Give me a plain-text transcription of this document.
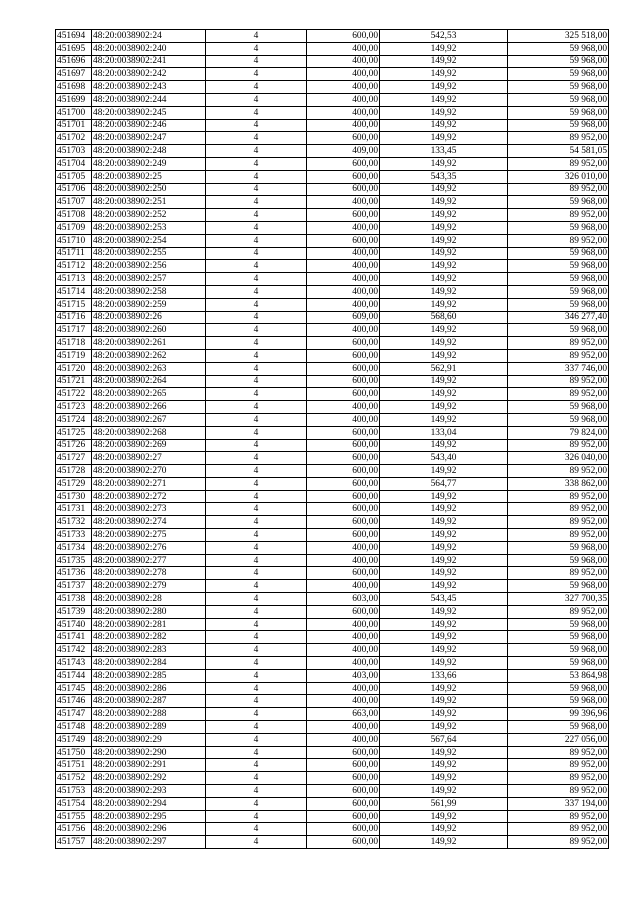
451694	48:20:0038902:24	4	600,00	542,53	325 518,00
451695	48:20:0038902:240	4	400,00	149,92	59 968,00
451696	48:20:0038902:241	4	400,00	149,92	59 968,00
451697	48:20:0038902:242	4	400,00	149,92	59 968,00
451698	48:20:0038902:243	4	400,00	149,92	59 968,00
451699	48:20:0038902:244	4	400,00	149,92	59 968,00
451700	48:20:0038902:245	4	400,00	149,92	59 968,00
451701	48:20:0038902:246	4	400,00	149,92	59 968,00
451702	48:20:0038902:247	4	600,00	149,92	89 952,00
451703	48:20:0038902:248	4	409,00	133,45	54 581,05
451704	48:20:0038902:249	4	600,00	149,92	89 952,00
451705	48:20:0038902:25	4	600,00	543,35	326 010,00
451706	48:20:0038902:250	4	600,00	149,92	89 952,00
451707	48:20:0038902:251	4	400,00	149,92	59 968,00
451708	48:20:0038902:252	4	600,00	149,92	89 952,00
451709	48:20:0038902:253	4	400,00	149,92	59 968,00
451710	48:20:0038902:254	4	600,00	149,92	89 952,00
451711	48:20:0038902:255	4	400,00	149,92	59 968,00
451712	48:20:0038902:256	4	400,00	149,92	59 968,00
451713	48:20:0038902:257	4	400,00	149,92	59 968,00
451714	48:20:0038902:258	4	400,00	149,92	59 968,00
451715	48:20:0038902:259	4	400,00	149,92	59 968,00
451716	48:20:0038902:26	4	609,00	568,60	346 277,40
451717	48:20:0038902:260	4	400,00	149,92	59 968,00
451718	48:20:0038902:261	4	600,00	149,92	89 952,00
451719	48:20:0038902:262	4	600,00	149,92	89 952,00
451720	48:20:0038902:263	4	600,00	562,91	337 746,00
451721	48:20:0038902:264	4	600,00	149,92	89 952,00
451722	48:20:0038902:265	4	600,00	149,92	89 952,00
451723	48:20:0038902:266	4	400,00	149,92	59 968,00
451724	48:20:0038902:267	4	400,00	149,92	59 968,00
451725	48:20:0038902:268	4	600,00	133,04	79 824,00
451726	48:20:0038902:269	4	600,00	149,92	89 952,00
451727	48:20:0038902:27	4	600,00	543,40	326 040,00
451728	48:20:0038902:270	4	600,00	149,92	89 952,00
451729	48:20:0038902:271	4	600,00	564,77	338 862,00
451730	48:20:0038902:272	4	600,00	149,92	89 952,00
451731	48:20:0038902:273	4	600,00	149,92	89 952,00
451732	48:20:0038902:274	4	600,00	149,92	89 952,00
451733	48:20:0038902:275	4	600,00	149,92	89 952,00
451734	48:20:0038902:276	4	400,00	149,92	59 968,00
451735	48:20:0038902:277	4	400,00	149,92	59 968,00
451736	48:20:0038902:278	4	600,00	149,92	89 952,00
451737	48:20:0038902:279	4	400,00	149,92	59 968,00
451738	48:20:0038902:28	4	603,00	543,45	327 700,35
451739	48:20:0038902:280	4	600,00	149,92	89 952,00
451740	48:20:0038902:281	4	400,00	149,92	59 968,00
451741	48:20:0038902:282	4	400,00	149,92	59 968,00
451742	48:20:0038902:283	4	400,00	149,92	59 968,00
451743	48:20:0038902:284	4	400,00	149,92	59 968,00
451744	48:20:0038902:285	4	403,00	133,66	53 864,98
451745	48:20:0038902:286	4	400,00	149,92	59 968,00
451746	48:20:0038902:287	4	400,00	149,92	59 968,00
451747	48:20:0038902:288	4	663,00	149,92	99 396,96
451748	48:20:0038902:289	4	400,00	149,92	59 968,00
451749	48:20:0038902:29	4	400,00	567,64	227 056,00
451750	48:20:0038902:290	4	600,00	149,92	89 952,00
451751	48:20:0038902:291	4	600,00	149,92	89 952,00
451752	48:20:0038902:292	4	600,00	149,92	89 952,00
451753	48:20:0038902:293	4	600,00	149,92	89 952,00
451754	48:20:0038902:294	4	600,00	561,99	337 194,00
451755	48:20:0038902:295	4	600,00	149,92	89 952,00
451756	48:20:0038902:296	4	600,00	149,92	89 952,00
451757	48:20:0038902:297	4	600,00	149,92	89 952,00
